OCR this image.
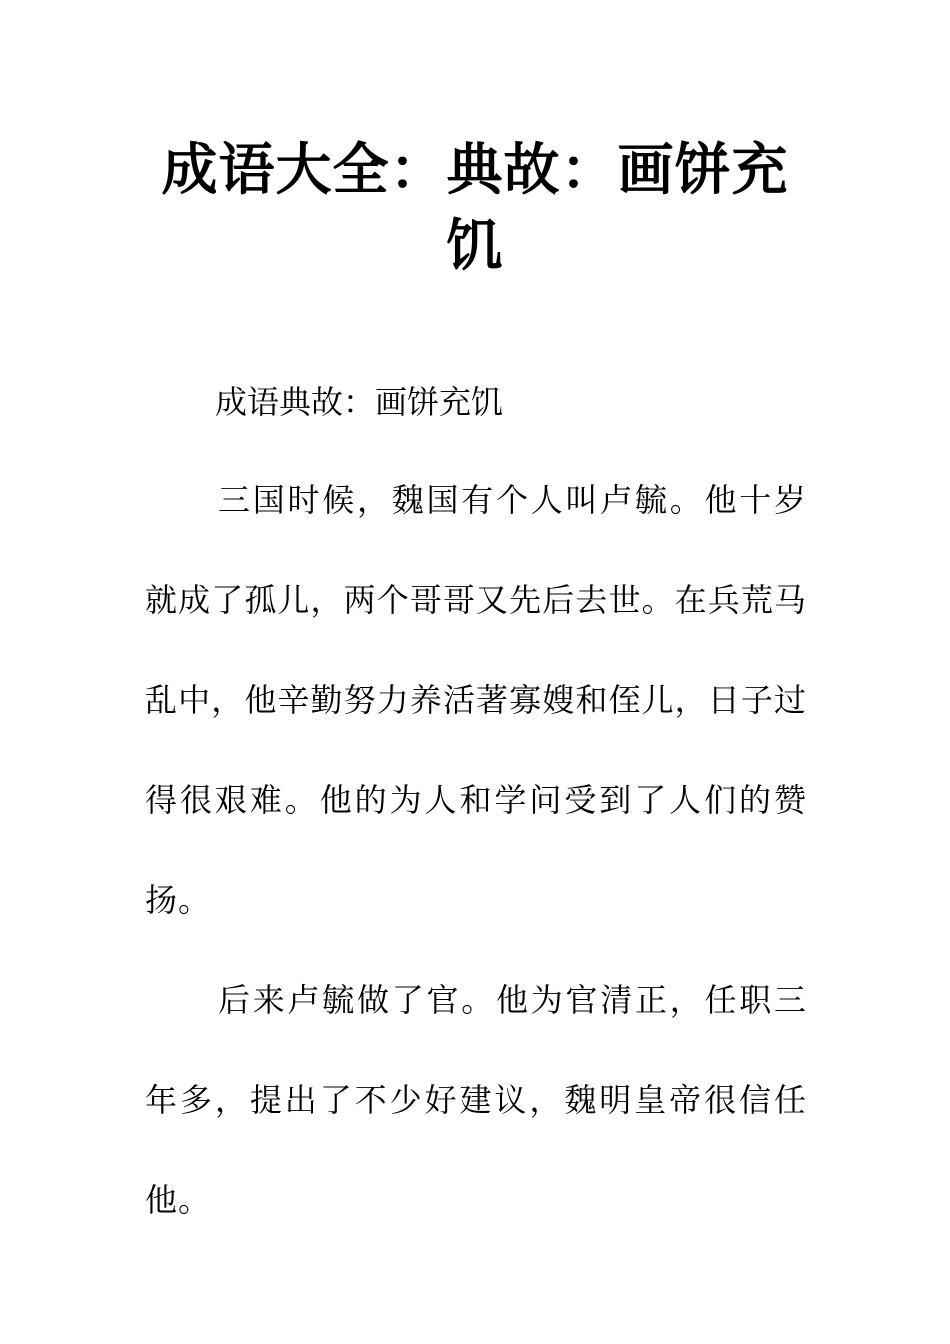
成语大全：典故：画饼充饥

成语典故：画饼充饥

三国时候，魏国有个人叫卢毓。他十岁就成了孤儿，两个哥哥又先后去世。在兵荒马乱中，他辛勤努力养活著寡嫂和侄儿，日子过得很艰难。他的为人和学问受到了人们的赞扬。

后来卢毓做了官。他为官清正，任职三年多，提出了不少好建议，魏明皇帝很信任他。
